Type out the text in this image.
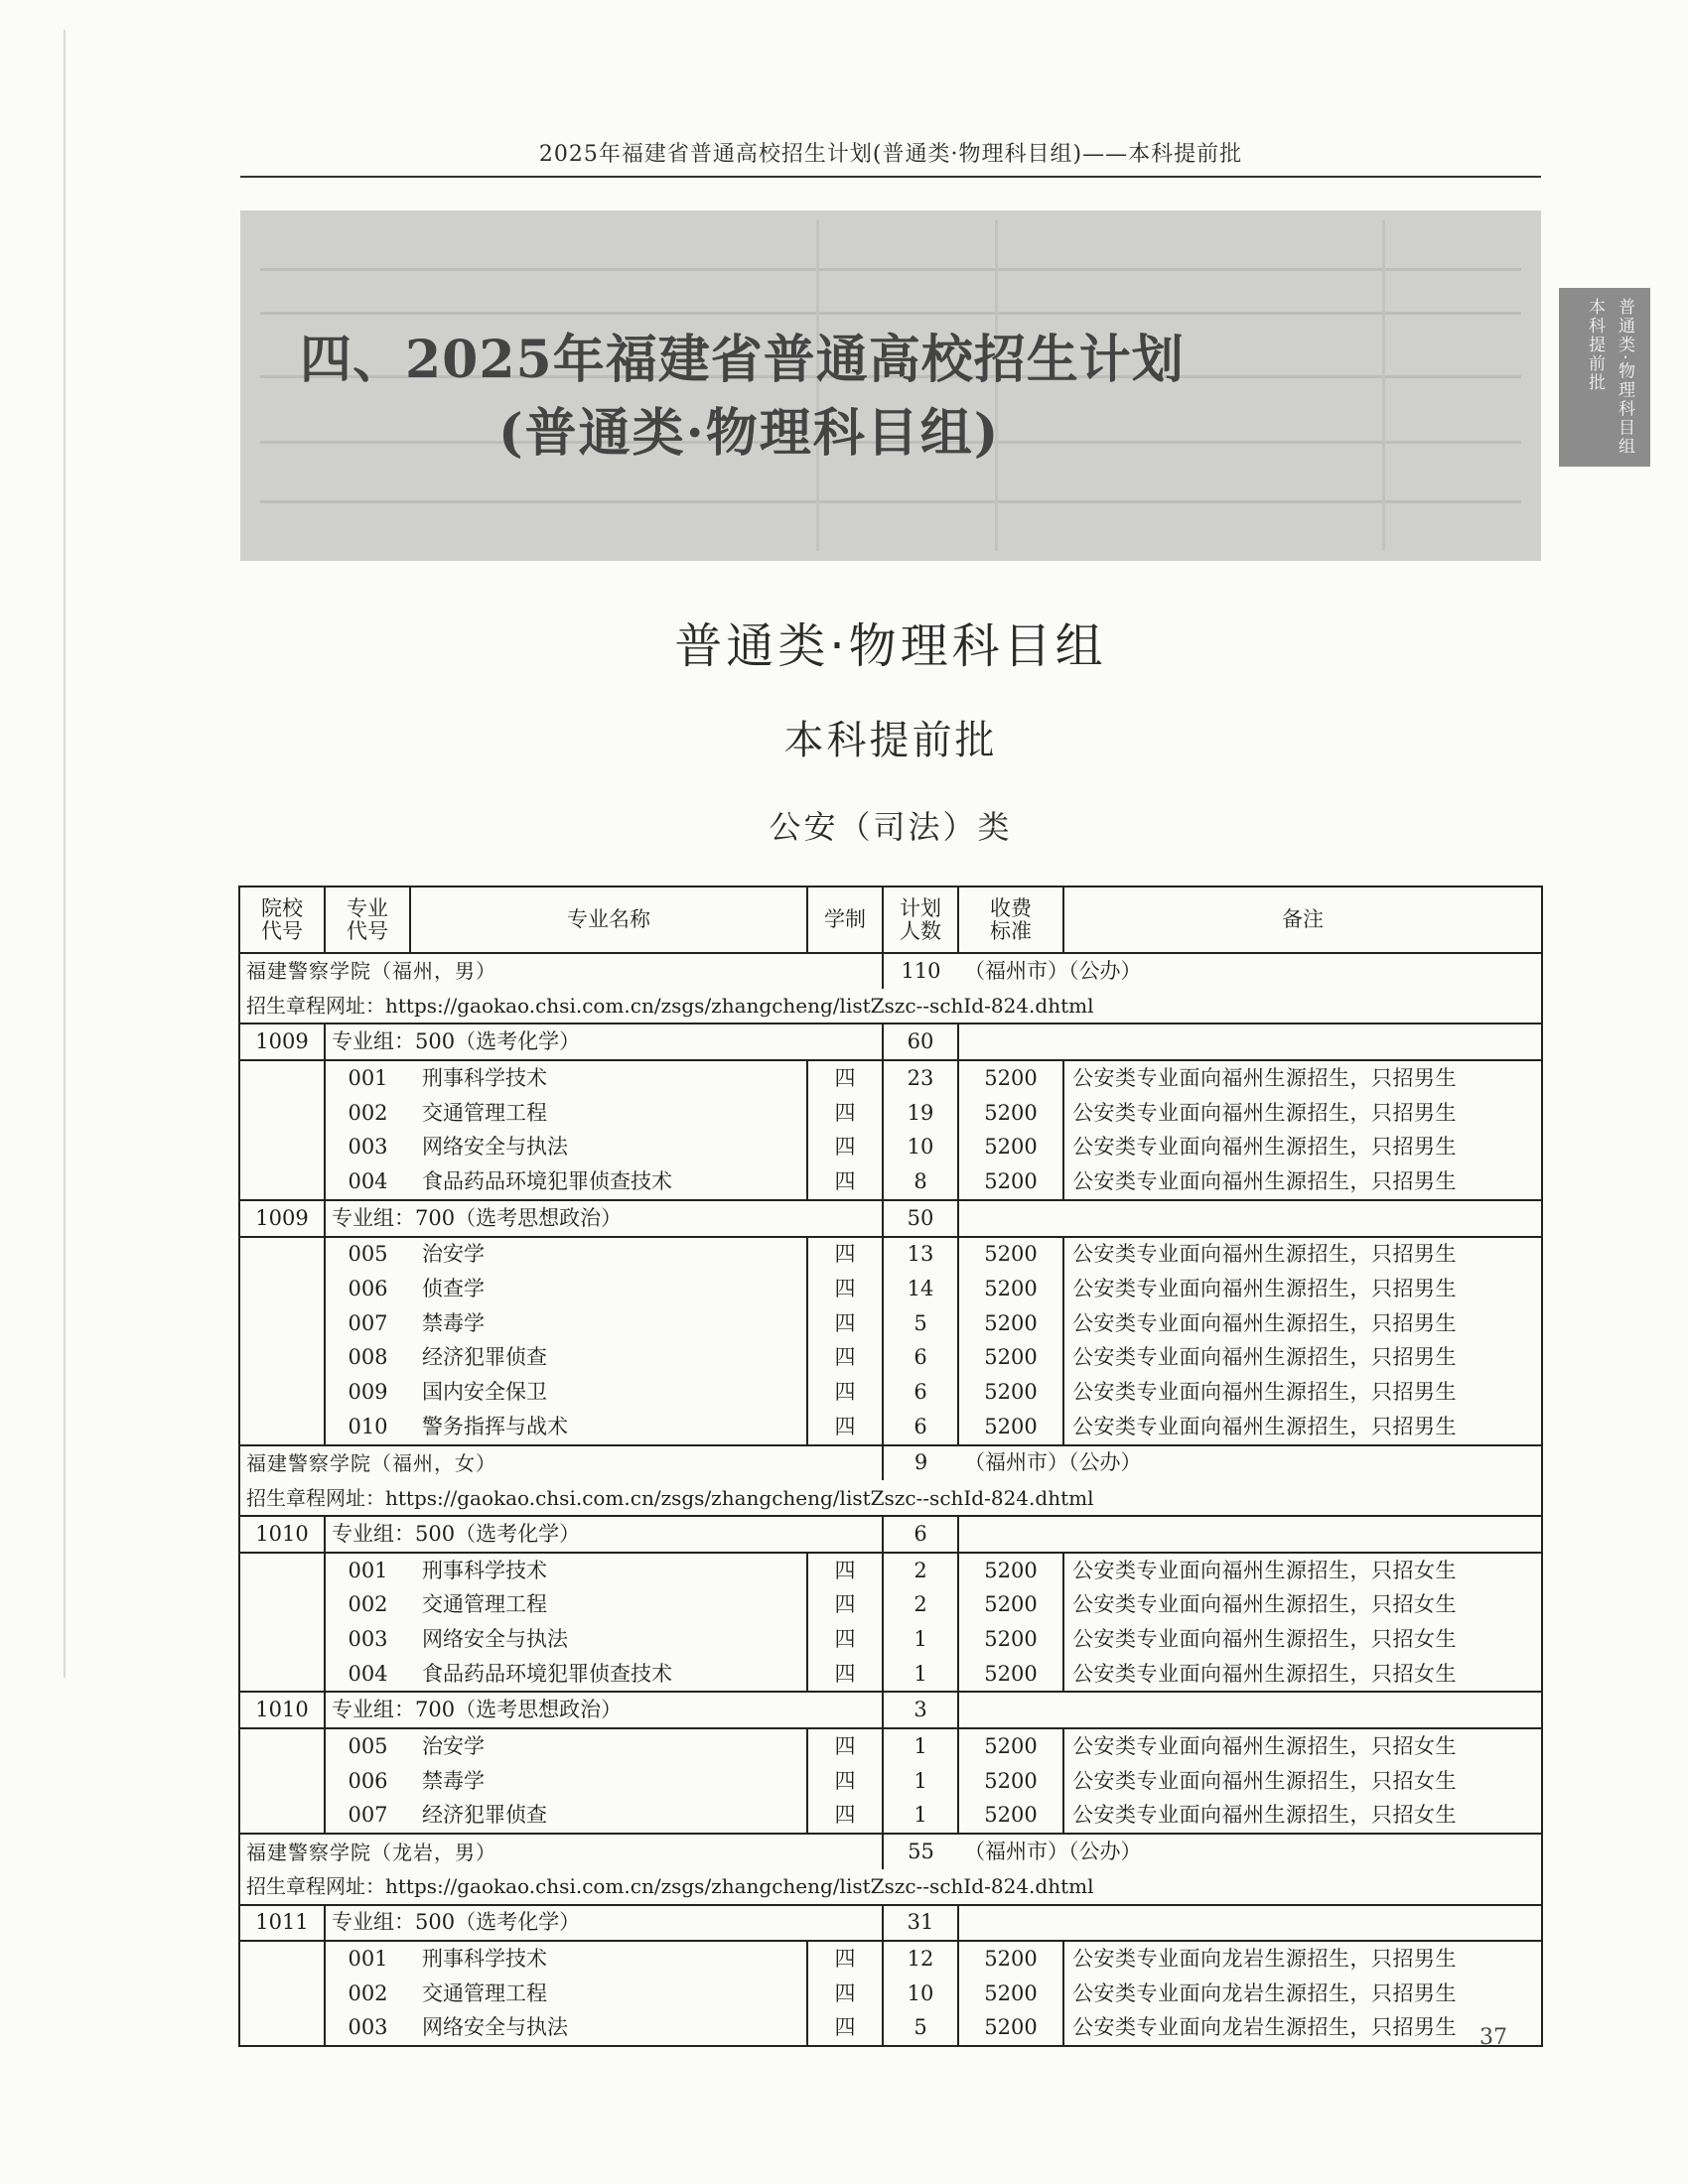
2025年福建省普通高校招生计划(普通类·物理科目组)——本科提前批
普通类·物理科目组
本科提前批
四、2025年福建省普通高校招生计划
(普通类·物理科目组)
普通类·物理科目组
本科提前批
公安（司法）类
院校代号	专业代号	专业名称	学制	计划人数	收费标准	备注
福建警察学院（福州，男）				110	（福州市）（公办）	
招生章程网址：https://gaokao.chsi.com.cn/zsgs/zhangcheng/listZszc--schId-824.dhtml						
1009	专业组：500（选考化学）			60		
	001	刑事科学技术	四	23	5200	公安类专业面向福州生源招生，只招男生
	002	交通管理工程	四	19	5200	公安类专业面向福州生源招生，只招男生
	003	网络安全与执法	四	10	5200	公安类专业面向福州生源招生，只招男生
	004	食品药品环境犯罪侦查技术	四	8	5200	公安类专业面向福州生源招生，只招男生
1009	专业组：700（选考思想政治）			50		
	005	治安学	四	13	5200	公安类专业面向福州生源招生，只招男生
	006	侦查学	四	14	5200	公安类专业面向福州生源招生，只招男生
	007	禁毒学	四	5	5200	公安类专业面向福州生源招生，只招男生
	008	经济犯罪侦查	四	6	5200	公安类专业面向福州生源招生，只招男生
	009	国内安全保卫	四	6	5200	公安类专业面向福州生源招生，只招男生
	010	警务指挥与战术	四	6	5200	公安类专业面向福州生源招生，只招男生
福建警察学院（福州，女）				9	（福州市）（公办）	
招生章程网址：https://gaokao.chsi.com.cn/zsgs/zhangcheng/listZszc--schId-824.dhtml						
1010	专业组：500（选考化学）			6		
	001	刑事科学技术	四	2	5200	公安类专业面向福州生源招生，只招女生
	002	交通管理工程	四	2	5200	公安类专业面向福州生源招生，只招女生
	003	网络安全与执法	四	1	5200	公安类专业面向福州生源招生，只招女生
	004	食品药品环境犯罪侦查技术	四	1	5200	公安类专业面向福州生源招生，只招女生
1010	专业组：700（选考思想政治）			3		
	005	治安学	四	1	5200	公安类专业面向福州生源招生，只招女生
	006	禁毒学	四	1	5200	公安类专业面向福州生源招生，只招女生
	007	经济犯罪侦查	四	1	5200	公安类专业面向福州生源招生，只招女生
福建警察学院（龙岩，男）				55	（福州市）（公办）	
招生章程网址：https://gaokao.chsi.com.cn/zsgs/zhangcheng/listZszc--schId-824.dhtml						
1011	专业组：500（选考化学）			31		
	001	刑事科学技术	四	12	5200	公安类专业面向龙岩生源招生，只招男生
	002	交通管理工程	四	10	5200	公安类专业面向龙岩生源招生，只招男生
	003	网络安全与执法	四	5	5200	公安类专业面向龙岩生源招生，只招男生 37
